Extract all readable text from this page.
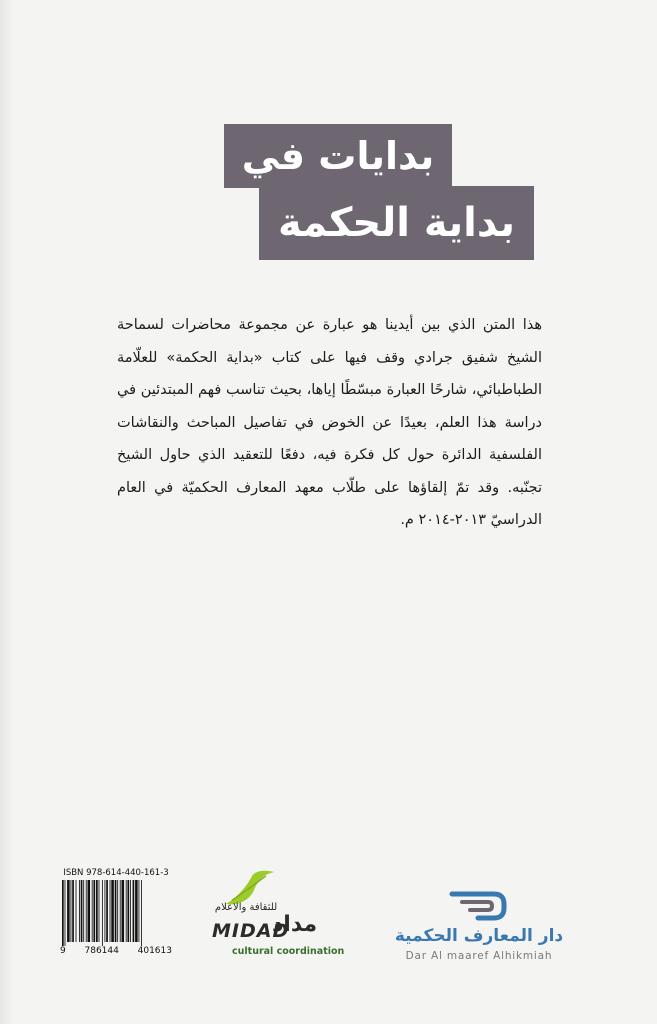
بدايات في
بداية الحكمة
هذا المتن الذي بين أيدينا هو عبارة عن مجموعة محاضرات لسماحة الشيخ شفيق جرادي وقف فيها على كتاب «بداية الحكمة» للعلّامة الطباطبائي، شارحًا العبارة مبسّطًا إياها، بحيث تناسب فهم المبتدئين في دراسة هذا العلم، بعيدًا عن الخوض في تفاصيل المباحث والنقاشات الفلسفية الدائرة حول كل فكرة فيه، دفعًا للتعقيد الذي حاول الشيخ تجنّبه. وقد تمّ إلقاؤها على طلّاب معهد المعارف الحكميّة في العام الدراسيّ ٢٠١٣-٢٠١٤ م.
ISBN 978-614-440-161-3
9 786144 401613
للثقافة والاعلام
MIDAD
مداد
cultural coordination
دار المعارف الحكمية
Dar Al maaref Alhikmiah
